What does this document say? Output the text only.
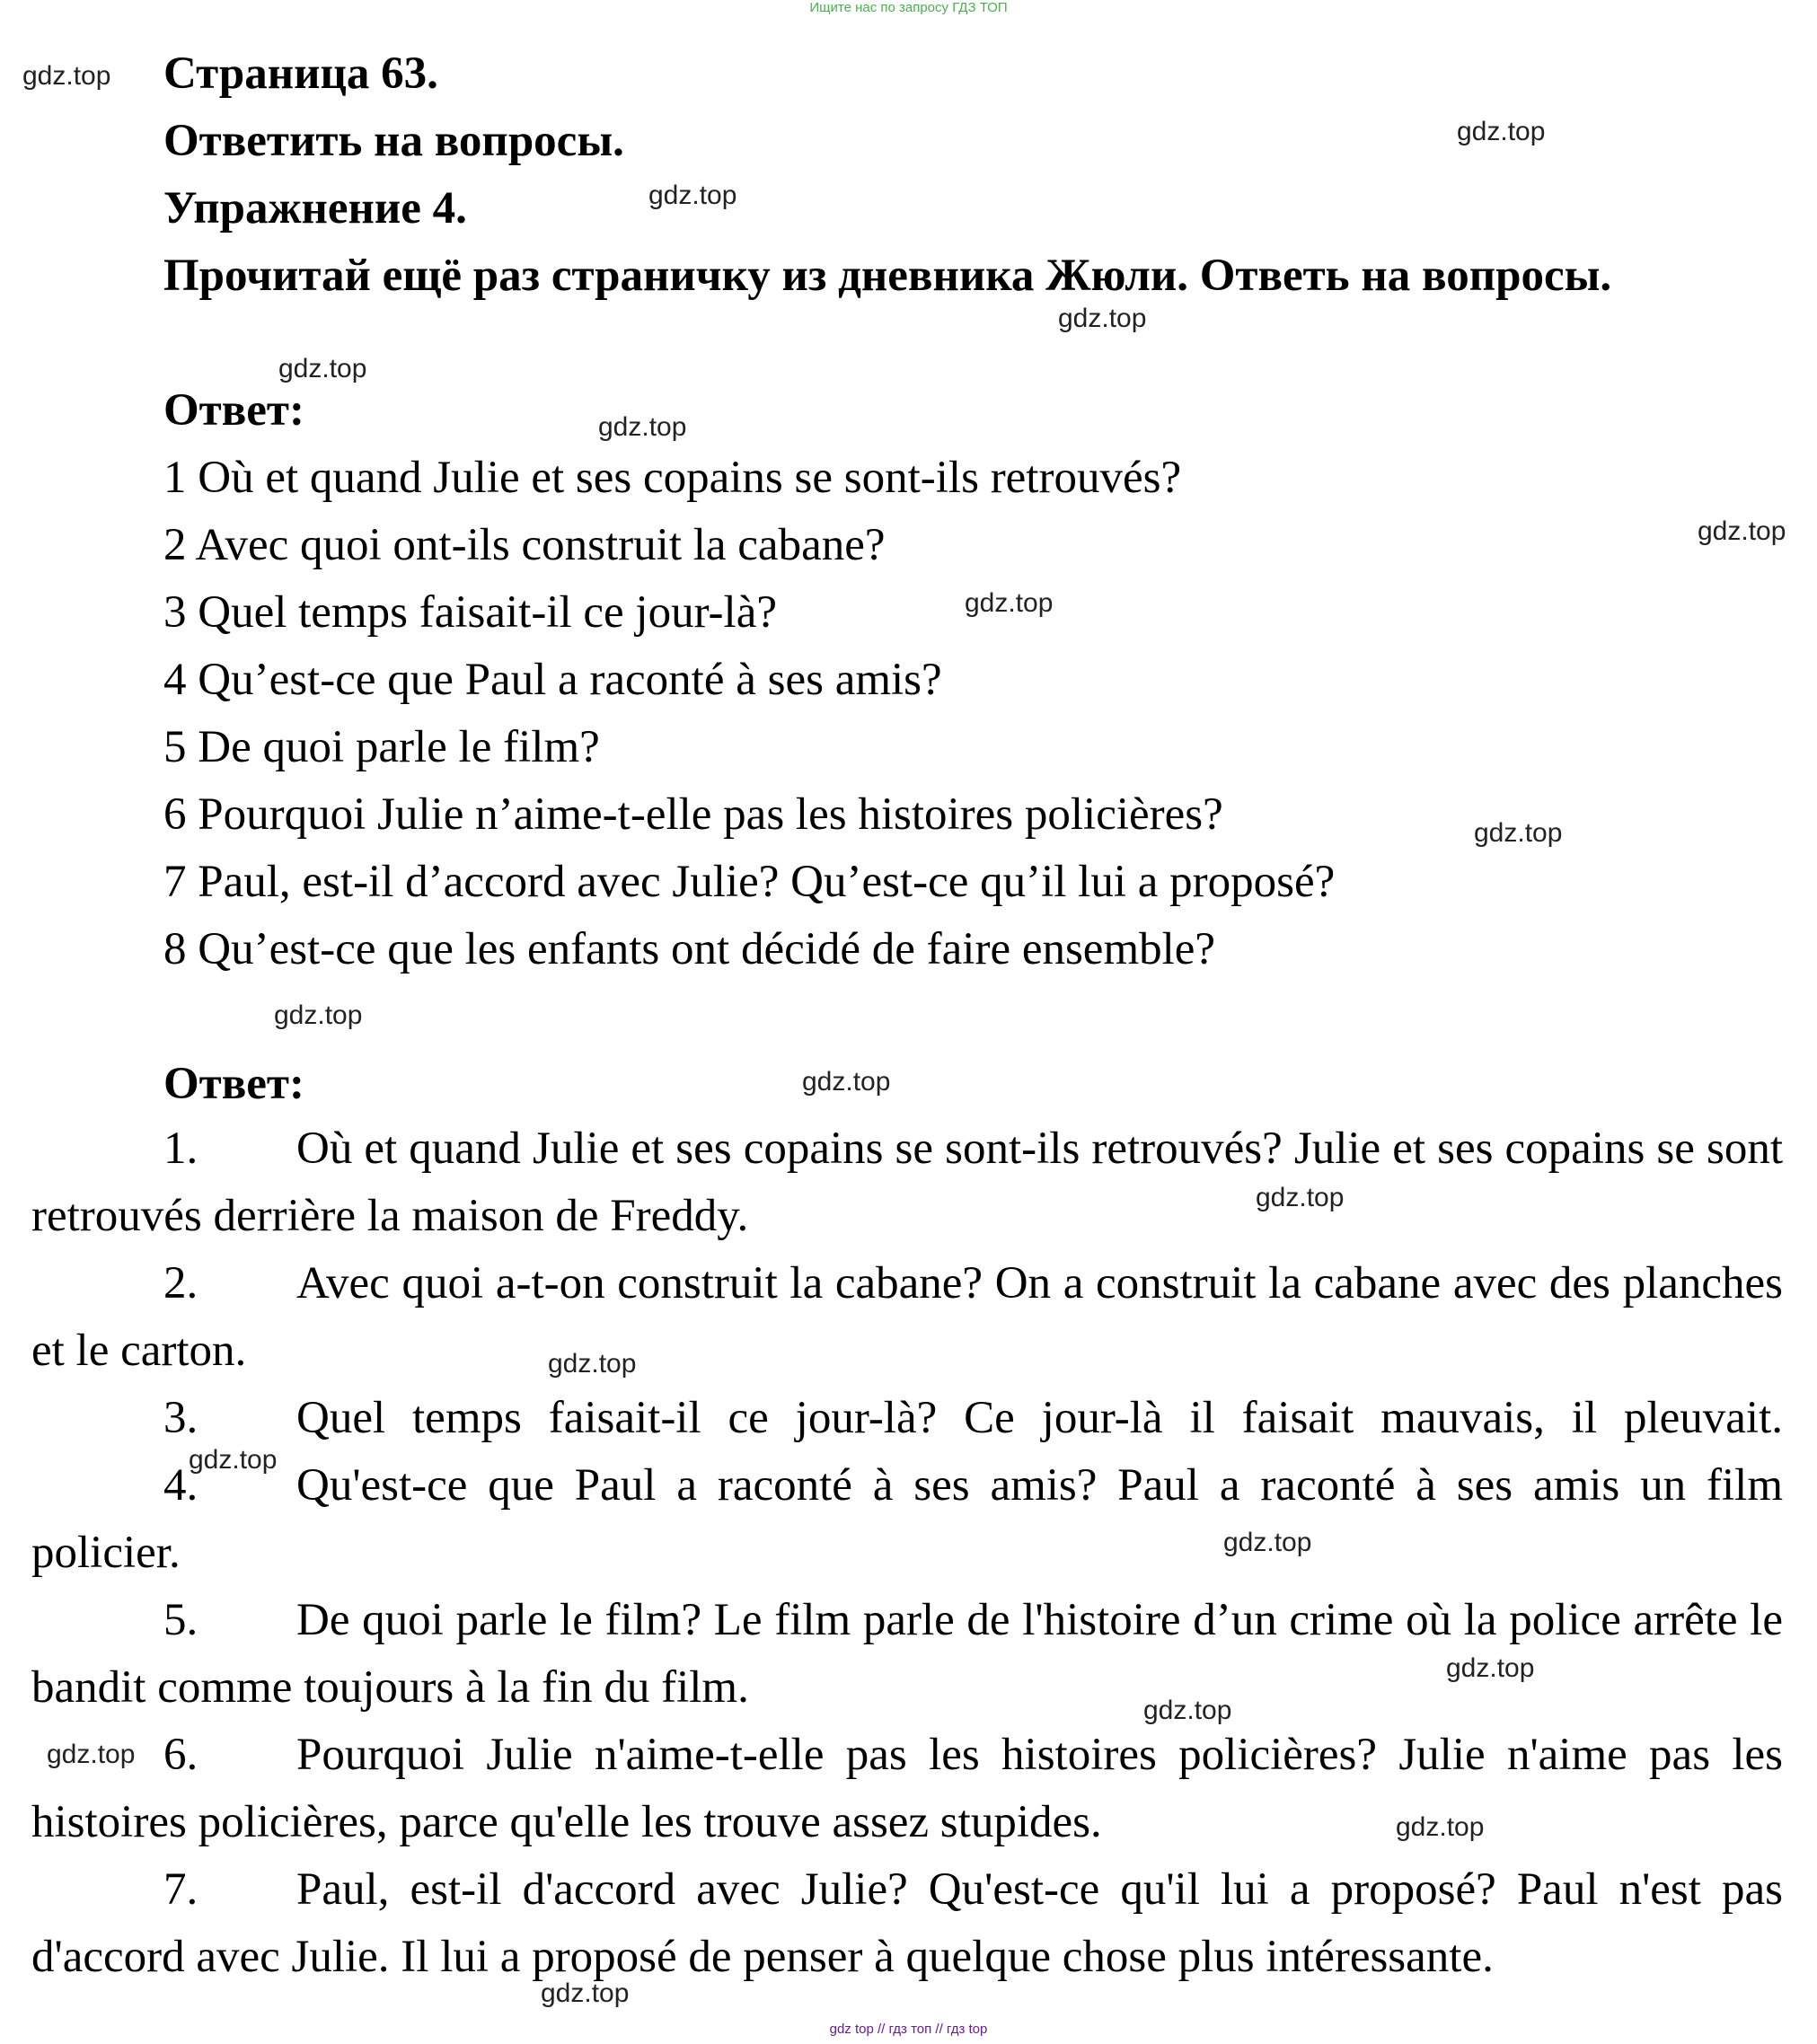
Ищите нас по запросу ГДЗ ТОП
Страница 63.
Ответить на вопросы.
Упражнение 4.
Прочитай ещё раз страничку из дневника Жюли. Ответь на вопросы.
Ответ:
1 Où et quand Julie et ses copains se sont-ils retrouvés?
2 Avec quoi ont-ils construit la cabane?
3 Quel temps faisait-il ce jour-là?
4 Qu’est-ce que Paul a raconté à ses amis?
5 De quoi parle le film?
6 Pourquoi Julie n’aime-t-elle pas les histoires policières?
7 Paul, est-il d’accord avec Julie? Qu’est-ce qu’il lui a proposé?
8 Qu’est-ce que les enfants ont décidé de faire ensemble?
Ответ:
1. Où et quand Julie et ses copains se sont-ils retrouvés? Julie et ses copains se sont retrouvés derrière la maison de Freddy.
2. Avec quoi a-t-on construit la cabane? On a construit la cabane avec des planches et le carton.
3. Quel temps faisait-il ce jour-là? Ce jour-là il faisait mauvais, il pleuvait.
4. Qu'est-ce que Paul a raconté à ses amis? Paul a raconté à ses amis un film policier.
5. De quoi parle le film? Le film parle de l'histoire d’un crime où la police arrête le bandit comme toujours à la fin du film.
6. Pourquoi Julie n'aime-t-elle pas les histoires policières? Julie n'aime pas les histoires policières, parce qu'elle les trouve assez stupides.
7. Paul, est-il d'accord avec Julie? Qu'est-ce qu'il lui a proposé? Paul n'est pas d'accord avec Julie. Il lui a proposé de penser à quelque chose plus intéressante.
gdz.top
gdz.top
gdz.top
gdz.top
gdz.top
gdz.top
gdz.top
gdz.top
gdz.top
gdz.top
gdz.top
gdz.top
gdz.top
gdz.top
gdz.top
gdz.top
gdz.top
gdz.top
gdz.top
gdz.top
gdz top // гдз топ // гдз top
